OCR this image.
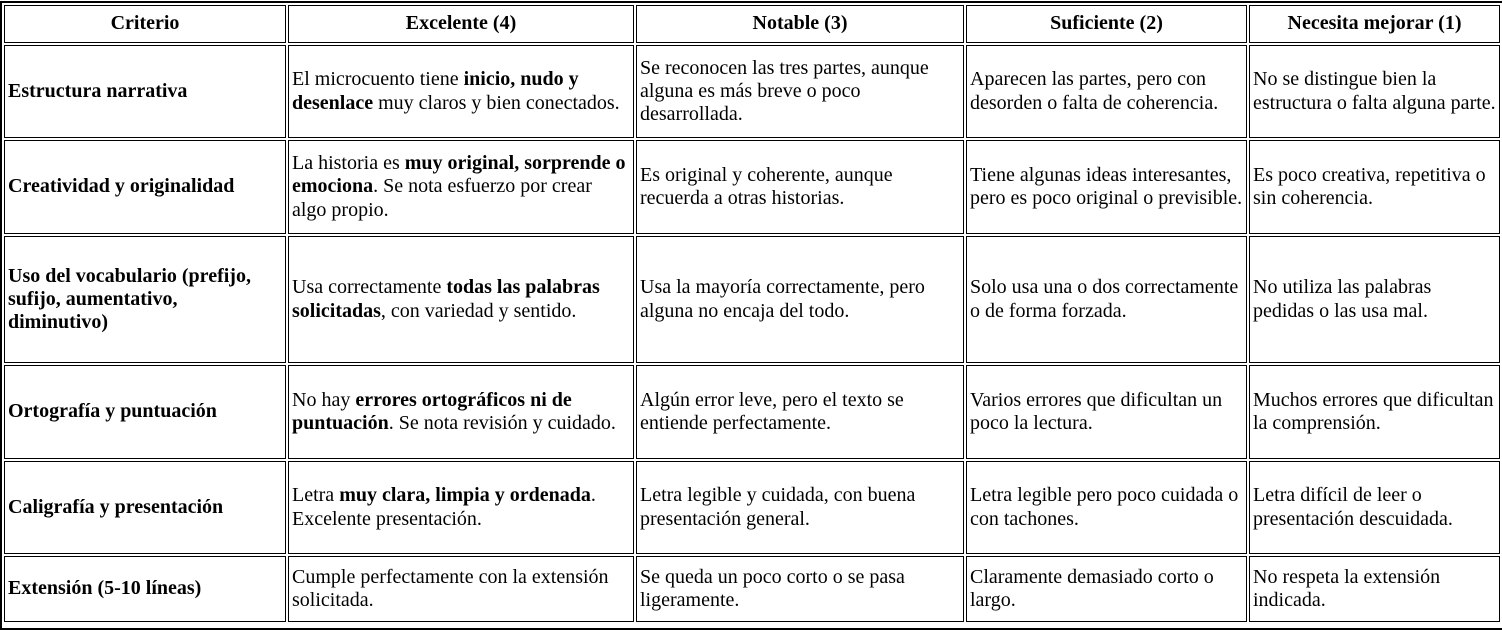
Criterio	Excelente (4)	Notable (3)	Suficiente (2)	Necesita mejorar (1)
Estructura narrativa	El microcuento tiene inicio, nudo y desenlace muy claros y bien conectados.	Se reconocen las tres partes, aunque alguna es más breve o poco desarrollada.	Aparecen las partes, pero con desorden o falta de coherencia.	No se distingue bien la estructura o falta alguna parte.
Creatividad y originalidad	La historia es muy original, sorprende o emociona. Se nota esfuerzo por crear algo propio.	Es original y coherente, aunque recuerda a otras historias.	Tiene algunas ideas interesantes, pero es poco original o previsible.	Es poco creativa, repetitiva o sin coherencia.
Uso del vocabulario (prefijo, sufijo, aumentativo, diminutivo)	Usa correctamente todas las palabras solicitadas, con variedad y sentido.	Usa la mayoría correctamente, pero alguna no encaja del todo.	Solo usa una o dos correctamente o de forma forzada.	No utiliza las palabras pedidas o las usa mal.
Ortografía y puntuación	No hay errores ortográficos ni de puntuación. Se nota revisión y cuidado.	Algún error leve, pero el texto se entiende perfectamente.	Varios errores que dificultan un poco la lectura.	Muchos errores que dificultan la comprensión.
Caligrafía y presentación	Letra muy clara, limpia y ordenada. Excelente presentación.	Letra legible y cuidada, con buena presentación general.	Letra legible pero poco cuidada o con tachones.	Letra difícil de leer o presentación descuidada.
Extensión (5-10 líneas)	Cumple perfectamente con la extensión solicitada.	Se queda un poco corto o se pasa ligeramente.	Claramente demasiado corto o largo.	No respeta la extensión indicada.
